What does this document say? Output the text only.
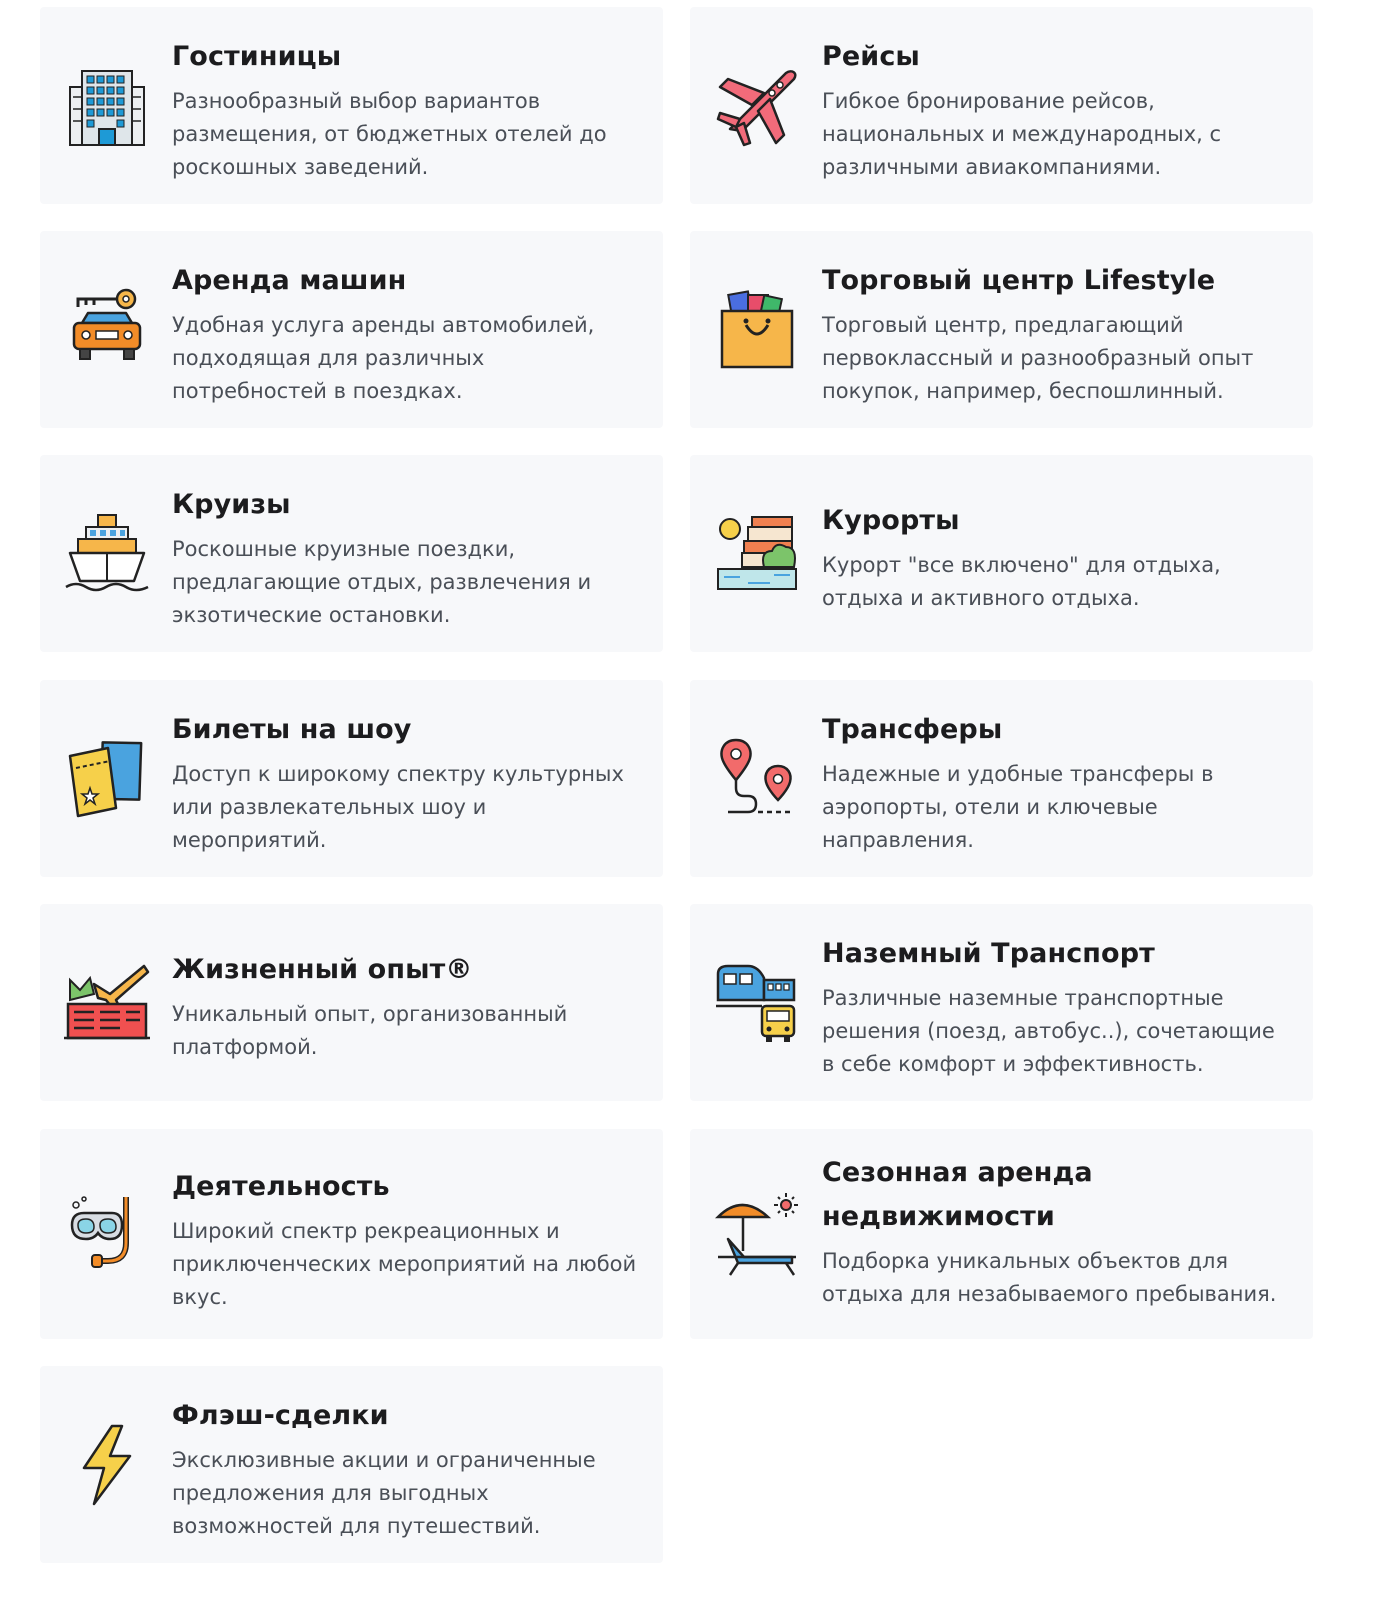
Гостиницы

Разнообразный выбор вариантов размещения, от бюджетных отелей до роскошных заведений.

Рейсы

Гибкое бронирование рейсов, национальных и международных, с различными авиакомпаниями.

Аренда машин

Удобная услуга аренды автомобилей, подходящая для различных потребностей в поездках.

Торговый центр Lifestyle

Торговый центр, предлагающий первоклассный и разнообразный опыт покупок, например, беспошлинный.

Круизы

Роскошные круизные поездки, предлагающие отдых, развлечения и экзотические остановки.

Курорты

Курорт "все включено" для отдыха, отдыха и активного отдыха.

Билеты на шоу

Доступ к широкому спектру культурных или развлекательных шоу и мероприятий.

Трансферы

Надежные и удобные трансферы в аэропорты, отели и ключевые направления.

Жизненный опыт®

Уникальный опыт, организованный платформой.

Наземный Транспорт

Различные наземные транспортные решения (поезд, автобус..), сочетающие в себе комфорт и эффективность.

Деятельность

Широкий спектр рекреационных и приключенческих мероприятий на любой вкус.

Сезонная аренда недвижимости

Подборка уникальных объектов для отдыха для незабываемого пребывания.

Флэш-сделки

Эксклюзивные акции и ограниченные предложения для выгодных возможностей для путешествий.
